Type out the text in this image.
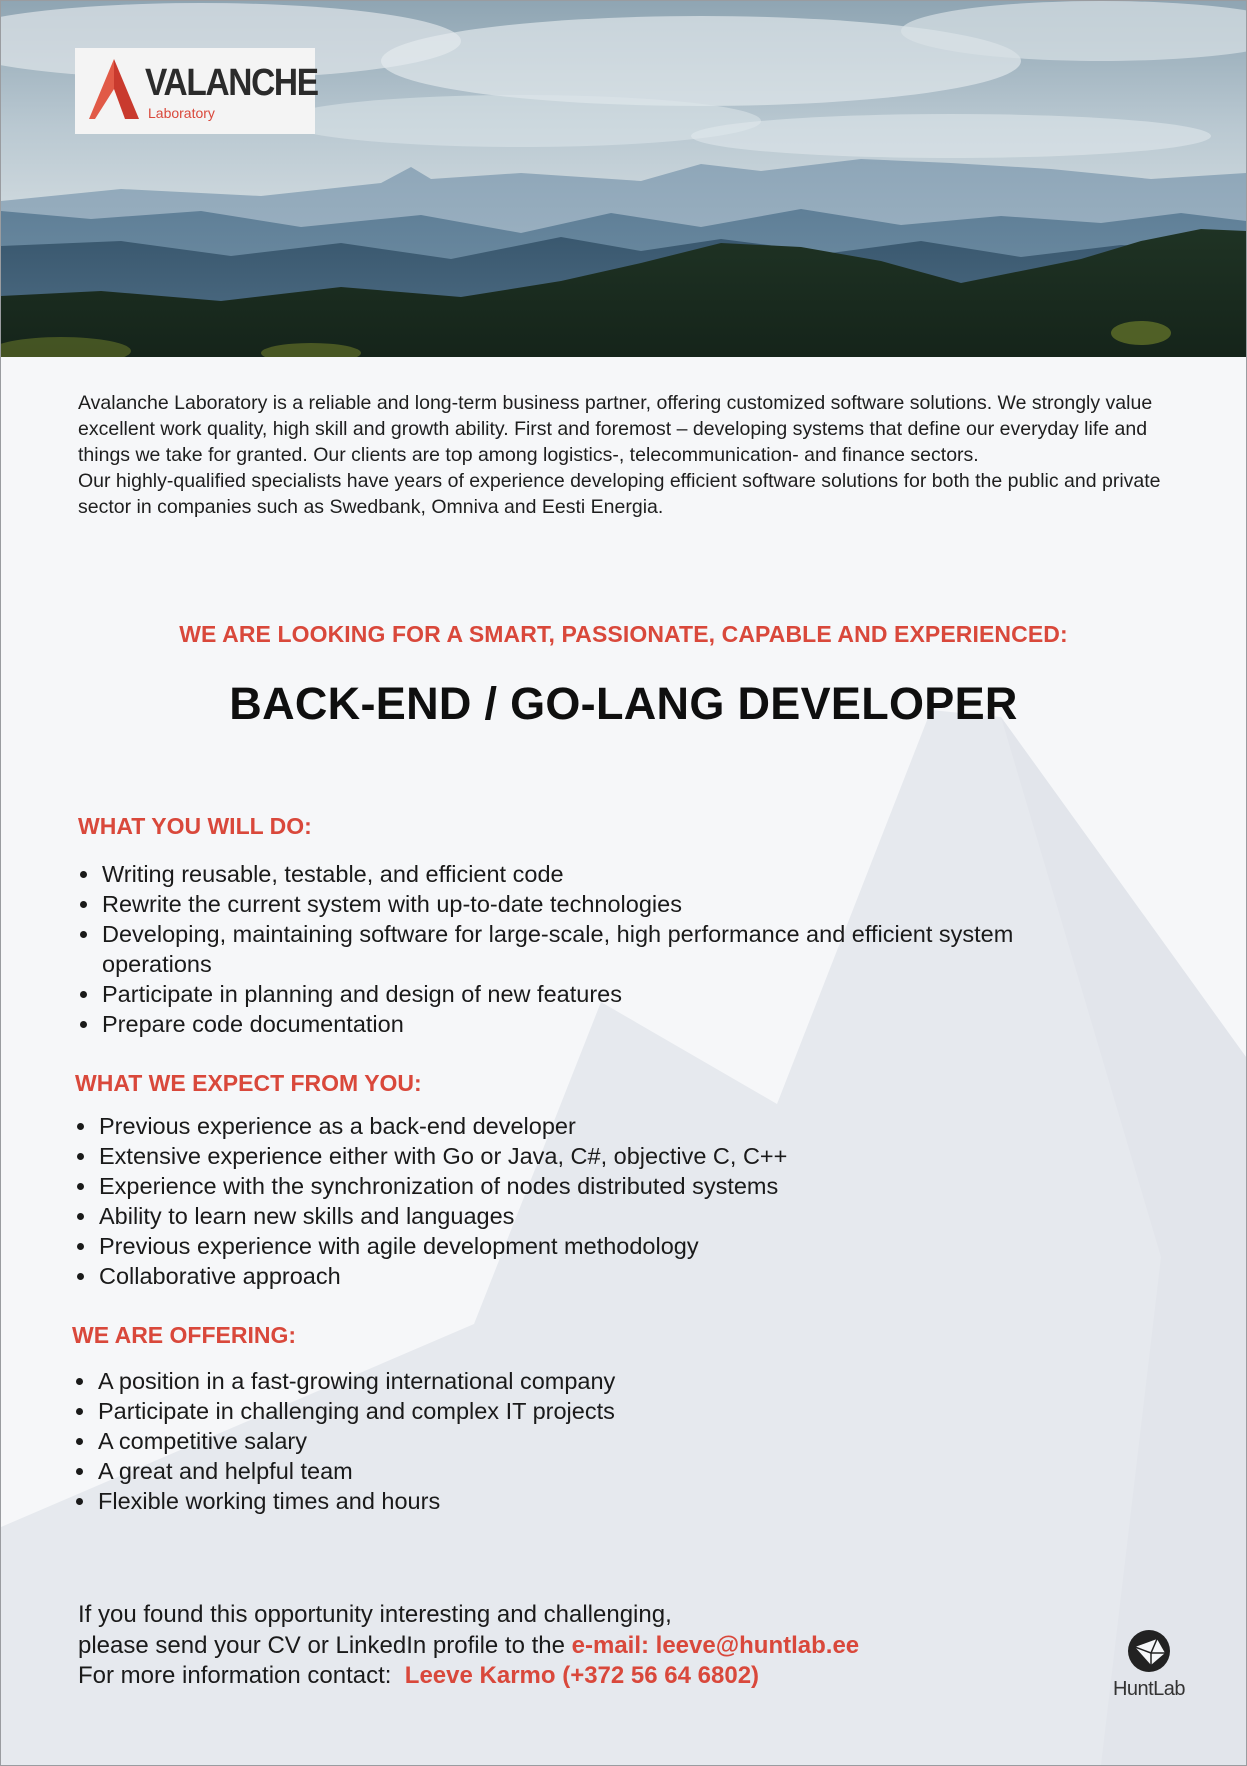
VALANCHE
Laboratory

Avalanche Laboratory is a reliable and long-term business partner, offering customized software solutions. We strongly value excellent work quality, high skill and growth ability. First and foremost – developing systems that define our everyday life and things we take for granted. Our clients are top among logistics-, telecommunication- and finance sectors.

Our highly-qualified specialists have years of experience developing efficient software solutions for both the public and private sector in companies such as Swedbank, Omniva and Eesti Energia.

WE ARE LOOKING FOR A SMART, PASSIONATE, CAPABLE AND EXPERIENCED:
BACK-END / GO-LANG DEVELOPER
WHAT YOU WILL DO:
Writing reusable, testable, and efficient code
Rewrite the current system with up-to-date technologies
Developing, maintaining software for large-scale, high performance and efficient system operations
Participate in planning and design of new features
Prepare code documentation
WHAT WE EXPECT FROM YOU:
Previous experience as a back-end developer
Extensive experience either with Go or Java, C#, objective C, C++
Experience with the synchronization of nodes distributed systems
Ability to learn new skills and languages
Previous experience with agile development methodology
Collaborative approach
WE ARE OFFERING:
A position in a fast-growing international company
Participate in challenging and complex IT projects
A competitive salary
A great and helpful team
Flexible working times and hours
If you found this opportunity interesting and challenging,
please send your CV or LinkedIn profile to the e-mail: leeve@huntlab.ee
For more information contact: Leeve Karmo (+372 56 64 6802)	HuntLab
